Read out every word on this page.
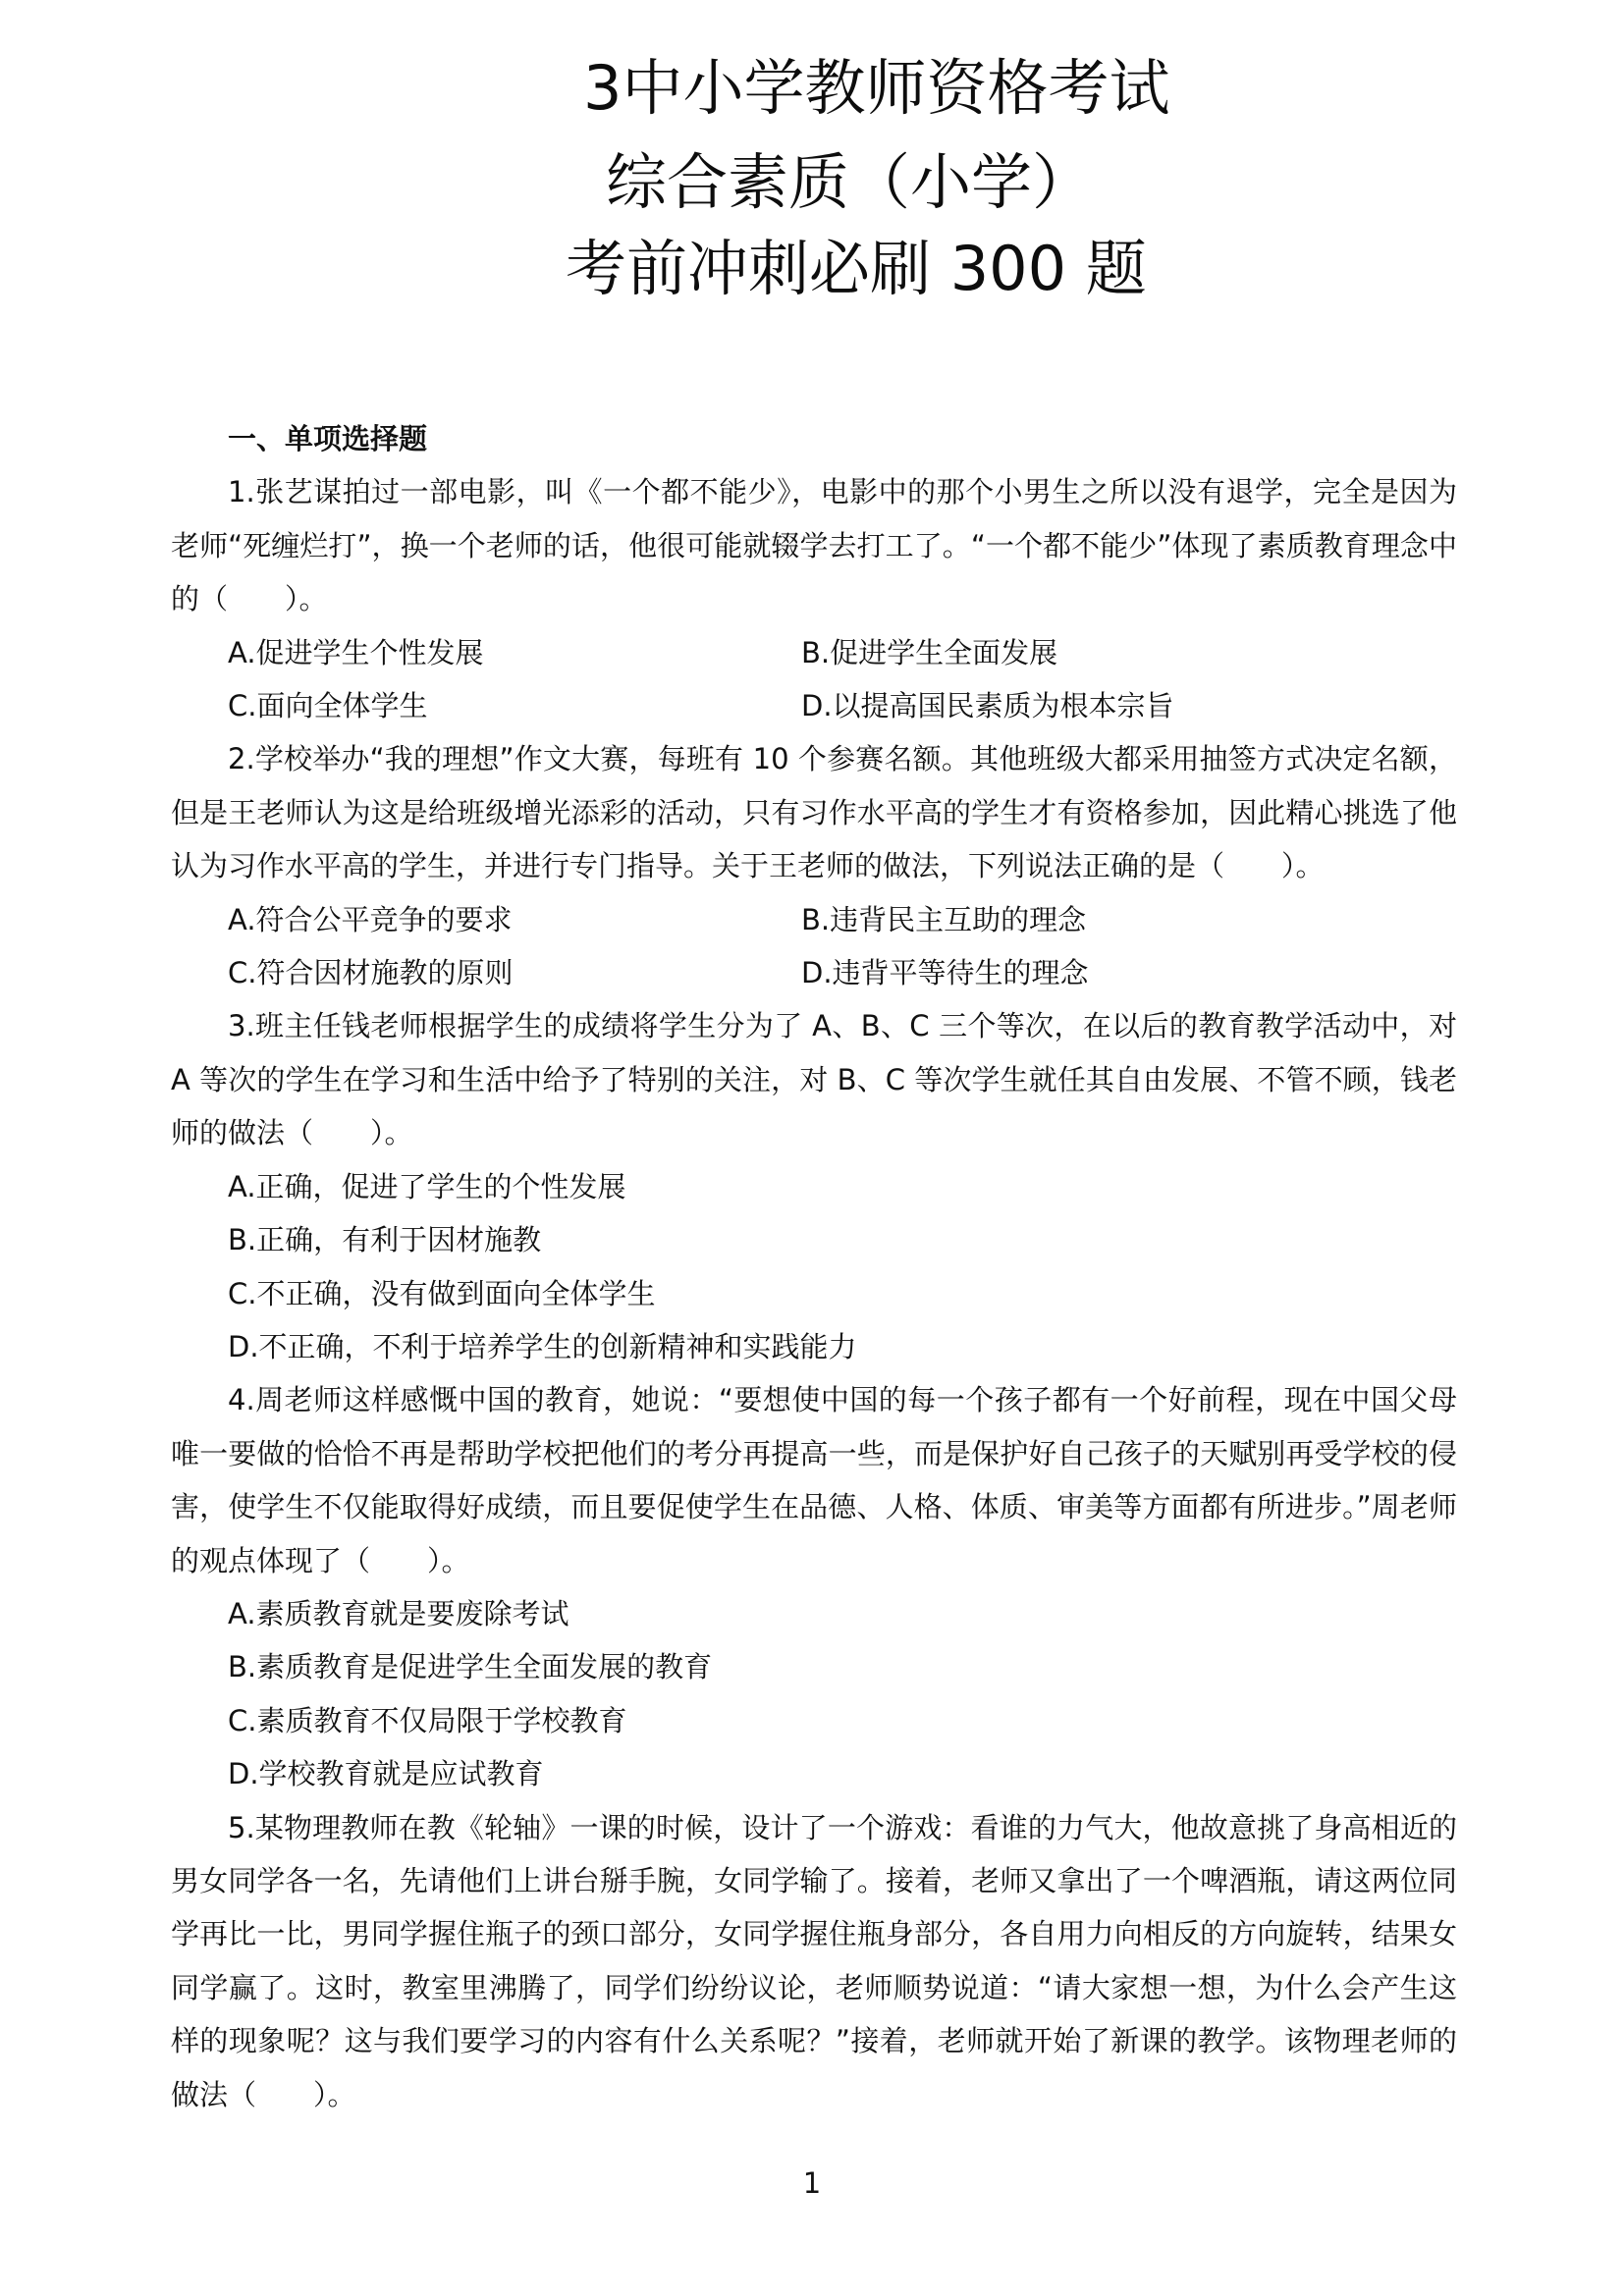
3中小学教师资格考试
综合素质（小学）
考前冲刺必刷 300 题
一、单项选择题

1.张艺谋拍过一部电影，叫《一个都不能少》，电影中的那个小男生之所以没有退学，完全是因为老师“死缠烂打”，换一个老师的话，他很可能就辍学去打工了。“一个都不能少”体现了素质教育理念中的（　　）。

A.促进学生个性发展	B.促进学生全面发展
C.面向全体学生	D.以提高国民素质为根本宗旨

2.学校举办“我的理想”作文大赛，每班有 10 个参赛名额。其他班级大都采用抽签方式决定名额，但是王老师认为这是给班级增光添彩的活动，只有习作水平高的学生才有资格参加，因此精心挑选了他认为习作水平高的学生，并进行专门指导。关于王老师的做法，下列说法正确的是（　　）。

A.符合公平竞争的要求	B.违背民主互助的理念
C.符合因材施教的原则	D.违背平等待生的理念

3.班主任钱老师根据学生的成绩将学生分为了 A、B、C 三个等次，在以后的教育教学活动中，对 A 等次的学生在学习和生活中给予了特别的关注，对 B、C 等次学生就任其自由发展、不管不顾，钱老师的做法（　　）。

A.正确，促进了学生的个性发展
B.正确，有利于因材施教
C.不正确，没有做到面向全体学生
D.不正确，不利于培养学生的创新精神和实践能力

4.周老师这样感慨中国的教育，她说：“要想使中国的每一个孩子都有一个好前程，现在中国父母唯一要做的恰恰不再是帮助学校把他们的考分再提高一些，而是保护好自己孩子的天赋别再受学校的侵害，使学生不仅能取得好成绩，而且要促使学生在品德、人格、体质、审美等方面都有所进步。”周老师的观点体现了（　　）。

A.素质教育就是要废除考试
B.素质教育是促进学生全面发展的教育
C.素质教育不仅局限于学校教育
D.学校教育就是应试教育

5.某物理教师在教《轮轴》一课的时候，设计了一个游戏：看谁的力气大，他故意挑了身高相近的男女同学各一名，先请他们上讲台掰手腕，女同学输了。接着，老师又拿出了一个啤酒瓶，请这两位同学再比一比，男同学握住瓶子的颈口部分，女同学握住瓶身部分，各自用力向相反的方向旋转，结果女同学赢了。这时，教室里沸腾了，同学们纷纷议论，老师顺势说道：“请大家想一想，为什么会产生这样的现象呢？这与我们要学习的内容有什么关系呢？”接着，老师就开始了新课的教学。该物理老师的做法（　　）。

1
